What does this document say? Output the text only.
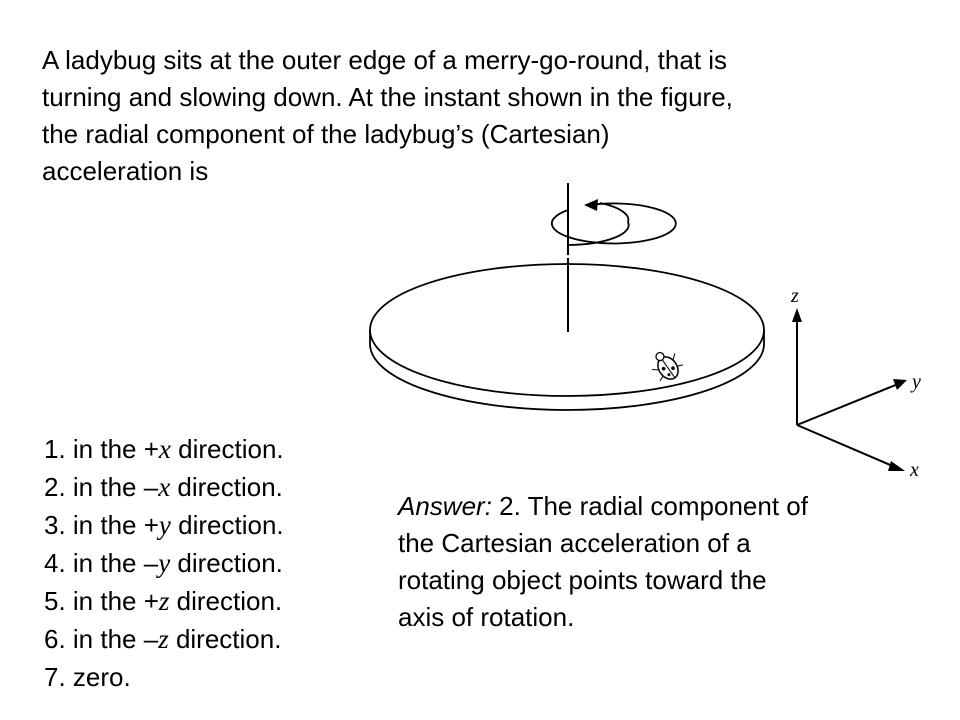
A ladybug sits at the outer edge of a merry-go-round, that is
turning and slowing down. At the instant shown in the figure,
the radial component of the ladybug’s (Cartesian)
acceleration is
z
y
x
1. in the +x direction.
2. in the –x direction.
3. in the +y direction.
4. in the –y direction.
5. in the +z direction.
6. in the –z direction.
7. zero.
Answer: 2. The radial component of
the Cartesian acceleration of a
rotating object points toward the
axis of rotation.
